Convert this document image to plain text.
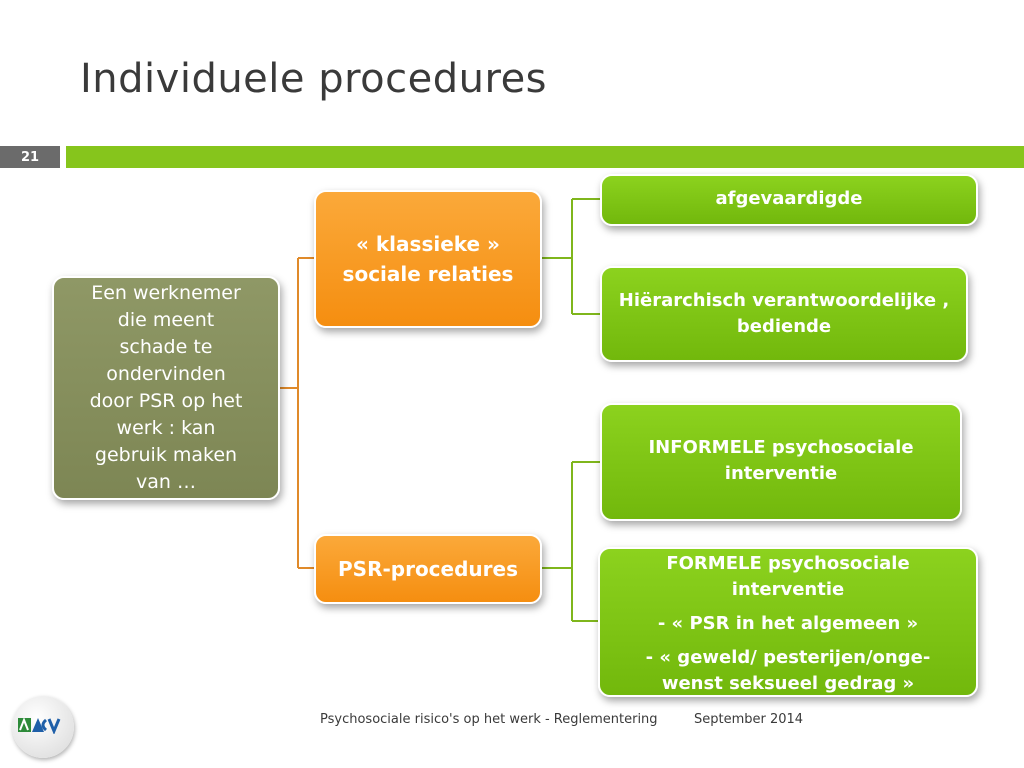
Individuele procedures
21
Een werknemer
die meent
schade te
ondervinden
door PSR op het
werk : kan
gebruik maken
van …
« klassieke »
sociale relaties
PSR-procedures
afgevaardigde
Hiërarchisch verantwoordelijke ,
bediende
INFORMELE psychosociale
interventie
FORMELE psychosociale
interventie
- « PSR in het algemeen »
- « geweld/ pesterijen/onge-
wenst seksueel gedrag »
Psychosociale risico's op het werk - Reglementering	September 2014
